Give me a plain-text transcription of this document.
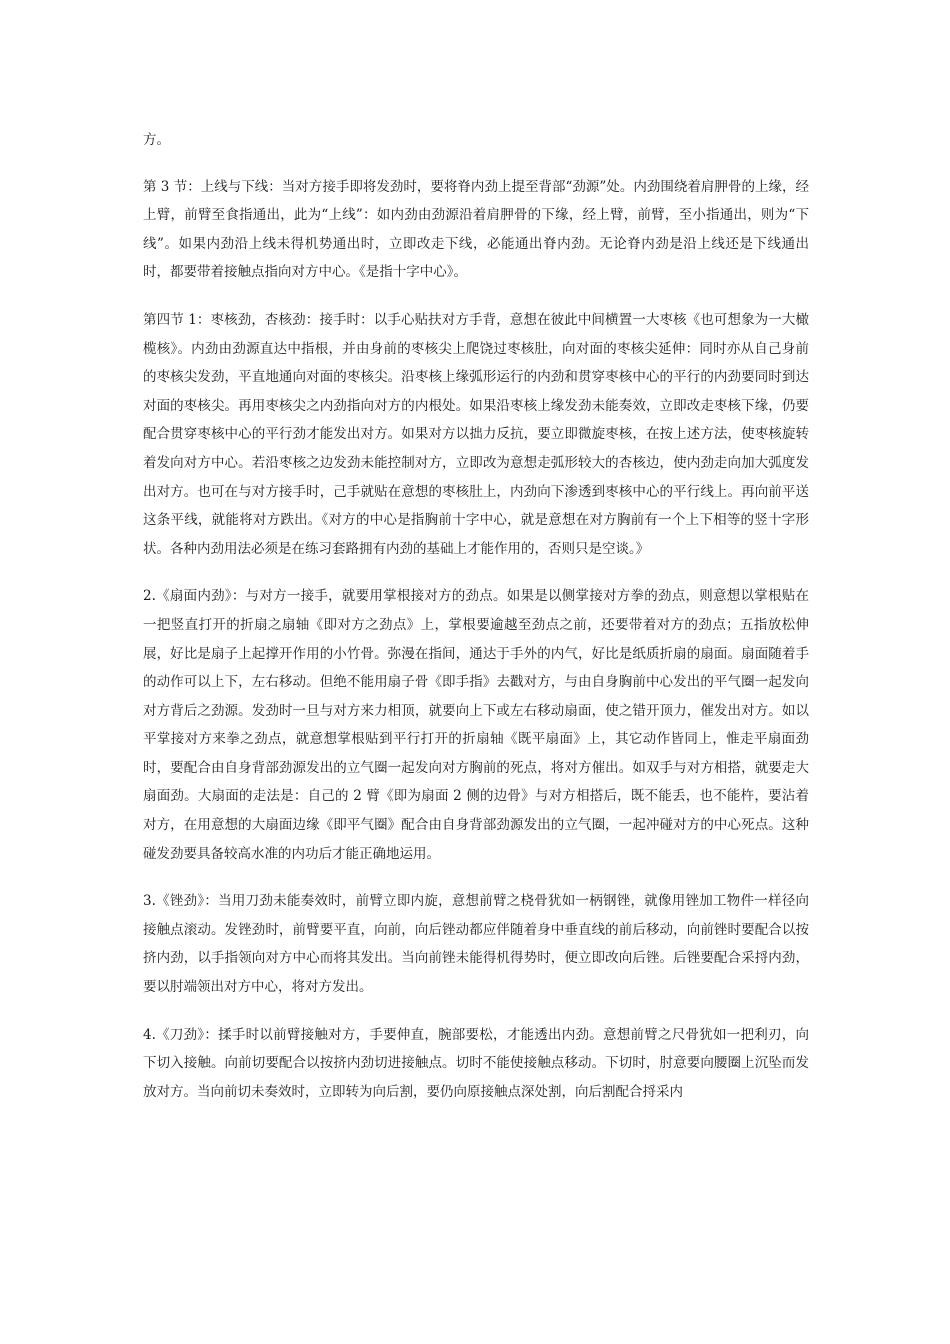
方。

第 3 节：上线与下线：当对方接手即将发劲时，要将脊内劲上提至背部“劲源”处。内劲围绕着肩胛骨的上缘，经上臂，前臂至食指通出，此为“上线”：如内劲由劲源沿着肩胛骨的下缘，经上臂，前臂，至小指通出，则为“下线”。如果内劲沿上线未得机势通出时，立即改走下线，必能通出脊内劲。无论脊内劲是沿上线还是下线通出时，都要带着接触点指向对方中心。《是指十字中心》。

第四节 1：枣核劲，杏核劲：接手时：以手心贴扶对方手背，意想在彼此中间横置一大枣核《也可想象为一大橄榄核》。内劲由劲源直达中指根，并由身前的枣核尖上爬饶过枣核肚，向对面的枣核尖延伸：同时亦从自己身前的枣核尖发劲，平直地通向对面的枣核尖。沿枣核上缘弧形运行的内劲和贯穿枣核中心的平行的内劲要同时到达对面的枣核尖。再用枣核尖之内劲指向对方的内根处。如果沿枣核上缘发劲未能奏效，立即改走枣核下缘，仍要配合贯穿枣核中心的平行劲才能发出对方。如果对方以拙力反抗，要立即微旋枣核，在按上述方法，使枣核旋转着发向对方中心。若沿枣核之边发劲未能控制对方，立即改为意想走弧形较大的杏核边，使内劲走向加大弧度发出对方。也可在与对方接手时，己手就贴在意想的枣核肚上，内劲向下渗透到枣核中心的平行线上。再向前平送这条平线，就能将对方跌出。《对方的中心是指胸前十字中心，就是意想在对方胸前有一个上下相等的竖十字形状。各种内劲用法必须是在练习套路拥有内劲的基础上才能作用的，否则只是空谈。》

2.《扇面内劲》：与对方一接手，就要用掌根接对方的劲点。如果是以侧掌接对方拳的劲点，则意想以掌根贴在一把竖直打开的折扇之扇轴《即对方之劲点》上，掌根要逾越至劲点之前，还要带着对方的劲点；五指放松伸展，好比是扇子上起撑开作用的小竹骨。弥漫在指间，通达于手外的内气，好比是纸质折扇的扇面。扇面随着手的动作可以上下，左右移动。但绝不能用扇子骨《即手指》去戳对方，与由自身胸前中心发出的平气圈一起发向对方背后之劲源。发劲时一旦与对方来力相顶，就要向上下或左右移动扇面，使之错开顶力，催发出对方。如以平掌接对方来拳之劲点，就意想掌根贴到平行打开的折扇轴《既平扇面》上，其它动作皆同上，惟走平扇面劲时，要配合由自身背部劲源发出的立气圈一起发向对方胸前的死点，将对方催出。如双手与对方相搭，就要走大扇面劲。大扇面的走法是：自己的 2 臂《即为扇面 2 侧的边骨》与对方相搭后，既不能丢，也不能杵，要沾着对方，在用意想的大扇面边缘《即平气圈》配合由自身背部劲源发出的立气圈，一起冲碰对方的中心死点。这种碰发劲要具备较高水准的内功后才能正确地运用。

3.《锉劲》：当用刀劲未能奏效时，前臂立即内旋，意想前臂之桡骨犹如一柄钢锉，就像用锉加工物件一样径向接触点滚动。发锉劲时，前臂要平直，向前，向后锉动都应伴随着身中垂直线的前后移动，向前锉时要配合以按挤内劲，以手指领向对方中心而将其发出。当向前锉未能得机得势时，便立即改向后锉。后锉要配合采捋内劲，要以肘端领出对方中心，将对方发出。

4.《刀劲》：揉手时以前臂接触对方，手要伸直，腕部要松，才能透出内劲。意想前臂之尺骨犹如一把利刃，向下切入接触。向前切要配合以按挤内劲切进接触点。切时不能使接触点移动。下切时，肘意要向腰圈上沉坠而发放对方。当向前切未奏效时，立即转为向后割，要仍向原接触点深处割，向后割配合捋采内
